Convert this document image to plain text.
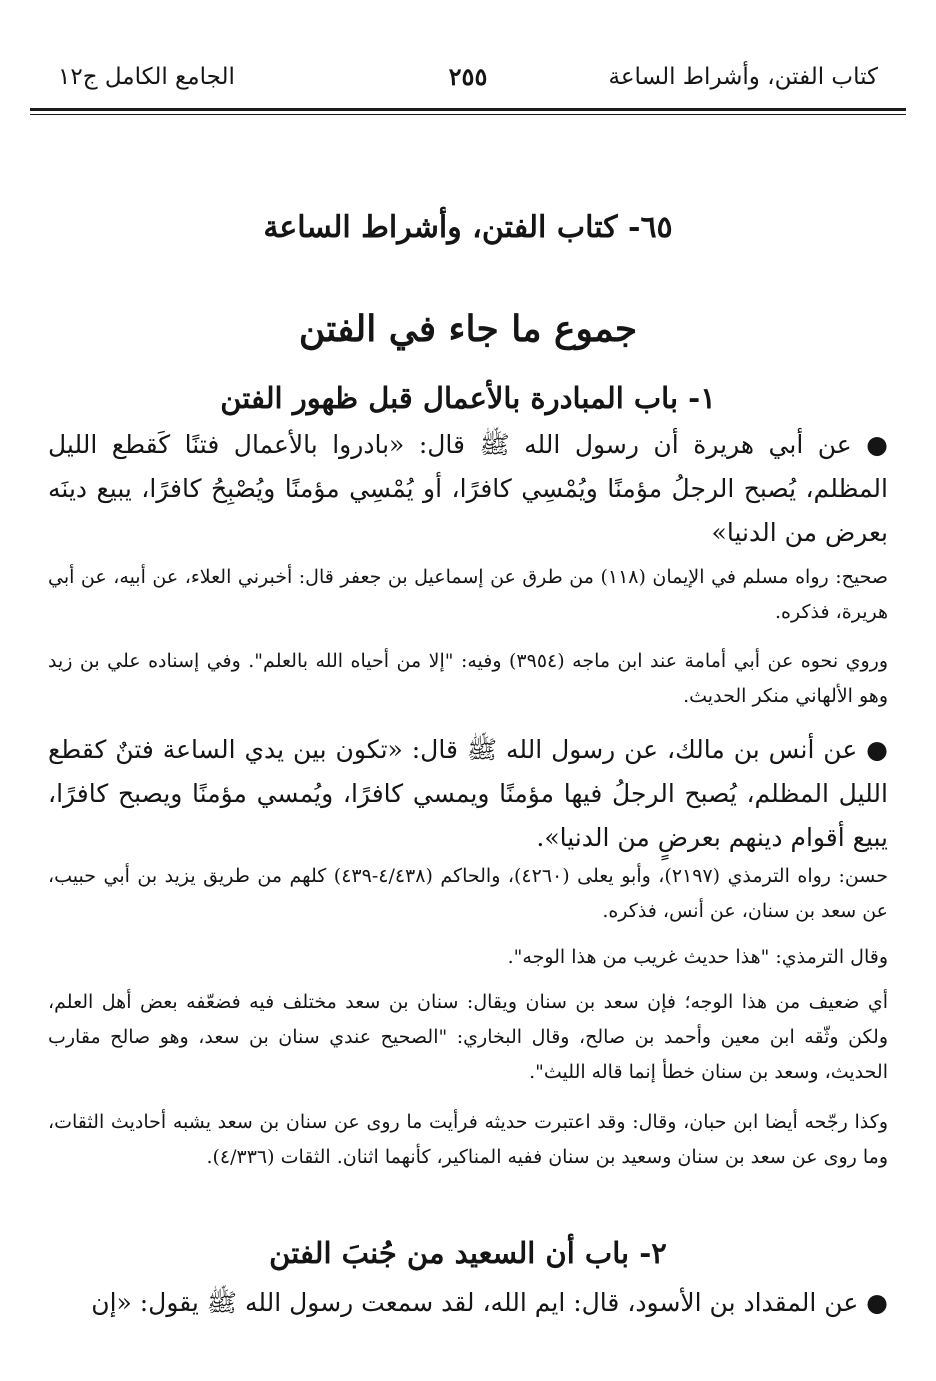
كتاب الفتن، وأشراط الساعة
٢٥٥
الجامع الكامل ج١٢
٦٥- كتاب الفتن، وأشراط الساعة
جموع ما جاء في الفتن
١- باب المبادرة بالأعمال قبل ظهور الفتن

● عن أبي هريرة أن رسول الله ﷺ قال: «بادروا بالأعمال فتنًا كَقطع الليل المظلم، يُصبح الرجلُ مؤمنًا ويُمْسِي كافرًا، أو يُمْسِي مؤمنًا ويُصْبِحُ كافرًا، يبيع دينَه بعرض من الدنيا»

صحيح: رواه مسلم في الإيمان (١١٨) من طرق عن إسماعيل بن جعفر قال: أخبرني العلاء، عن أبيه، عن أبي هريرة، فذكره.

وروي نحوه عن أبي أمامة عند ابن ماجه (٣٩٥٤) وفيه: "إلا من أحياه الله بالعلم". وفي إسناده علي بن زيد وهو الألهاني منكر الحديث.

● عن أنس بن مالك، عن رسول الله ﷺ قال: «تكون بين يدي الساعة فتنٌ كقطع الليل المظلم، يُصبح الرجلُ فيها مؤمنًا ويمسي كافرًا، ويُمسي مؤمنًا ويصبح كافرًا، يبيع أقوام دينهم بعرضٍ من الدنيا».

حسن: رواه الترمذي (٢١٩٧)، وأبو يعلى (٤٢٦٠)، والحاكم (٤/٤٣٨-٤٣٩) كلهم من طريق يزيد بن أبي حبيب، عن سعد بن سنان، عن أنس، فذكره.

وقال الترمذي: "هذا حديث غريب من هذا الوجه".

أي ضعيف من هذا الوجه؛ فإن سعد بن سنان ويقال: سنان بن سعد مختلف فيه فضعّفه بعض أهل العلم، ولكن وثّقه ابن معين وأحمد بن صالح، وقال البخاري: "الصحيح عندي سنان بن سعد، وهو صالح مقارب الحديث، وسعد بن سنان خطأ إنما قاله الليث".

وكذا رجّحه أيضا ابن حبان، وقال: وقد اعتبرت حديثه فرأيت ما روى عن سنان بن سعد يشبه أحاديث الثقات، وما روى عن سعد بن سنان وسعيد بن سنان ففيه المناكير، كأنهما اثنان. الثقات (٤/٣٣٦).

٢- باب أن السعيد من جُنبَ الفتن

● عن المقداد بن الأسود، قال: ايم الله، لقد سمعت رسول الله ﷺ يقول: «إن
